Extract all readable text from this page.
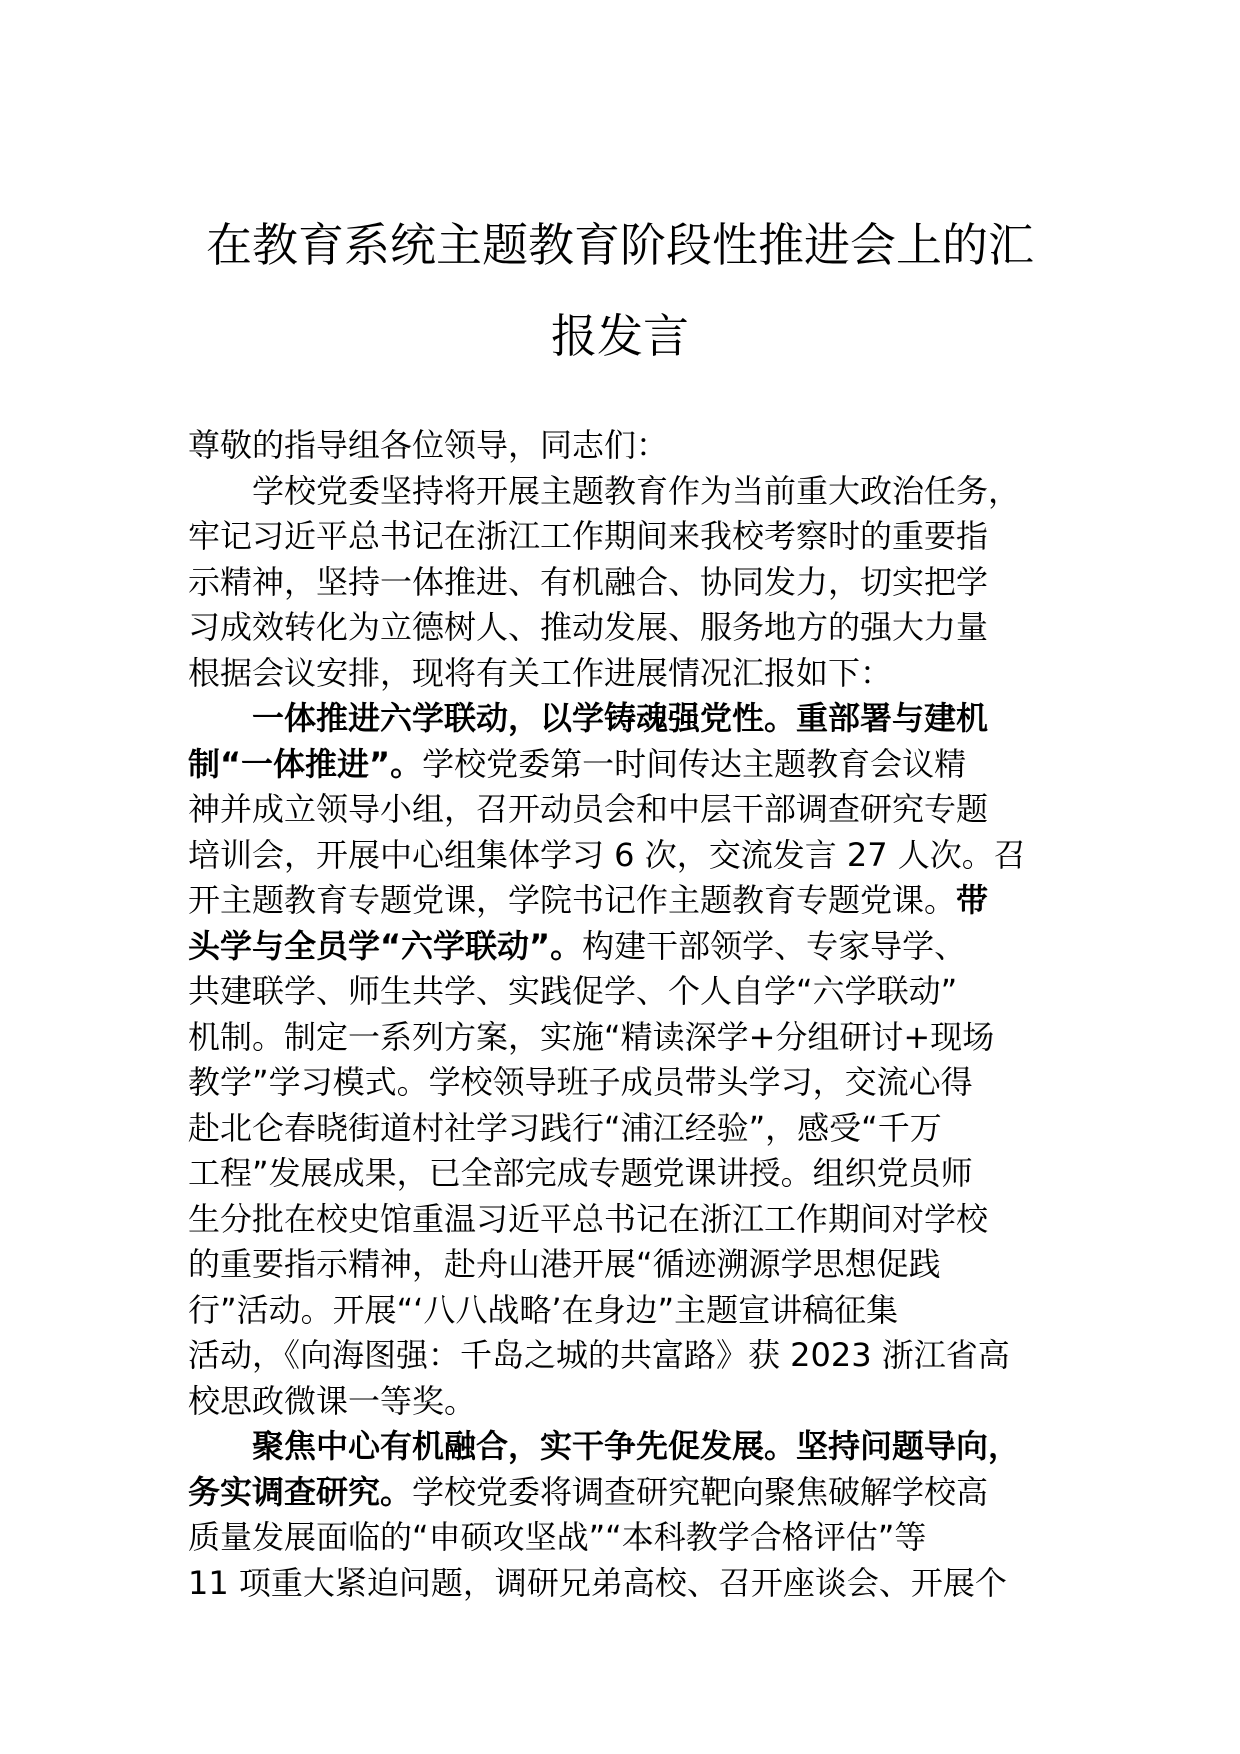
在教育系统主题教育阶段性推进会上的汇
报发言
尊敬的指导组各位领导，同志们：
学校党委坚持将开展主题教育作为当前重大政治任务，
牢记习近平总书记在浙江工作期间来我校考察时的重要指
示精神，坚持一体推进、有机融合、协同发力，切实把学
习成效转化为立德树人、推动发展、服务地方的强大力量
根据会议安排，现将有关工作进展情况汇报如下：
一体推进六学联动，以学铸魂强党性。重部署与建机
制“一体推进”。学校党委第一时间传达主题教育会议精
神并成立领导小组，召开动员会和中层干部调查研究专题
培训会，开展中心组集体学习 6 次，交流发言 27 人次。召
开主题教育专题党课，学院书记作主题教育专题党课。带
头学与全员学“六学联动”。构建干部领学、专家导学、
共建联学、师生共学、实践促学、个人自学“六学联动”
机制。制定一系列方案，实施“精读深学+分组研讨+现场
教学”学习模式。学校领导班子成员带头学习，交流心得
赴北仑春晓街道村社学习践行“浦江经验”，感受“千万
工程”发展成果，已全部完成专题党课讲授。组织党员师
生分批在校史馆重温习近平总书记在浙江工作期间对学校
的重要指示精神，赴舟山港开展“循迹溯源学思想促践
行”活动。开展“‘八八战略’在身边”主题宣讲稿征集
活动，《向海图强：千岛之城的共富路》获 2023 浙江省高
校思政微课一等奖。
聚焦中心有机融合，实干争先促发展。坚持问题导向，
务实调查研究。学校党委将调查研究靶向聚焦破解学校高
质量发展面临的“申硕攻坚战”“本科教学合格评估”等
11 项重大紧迫问题，调研兄弟高校、召开座谈会、开展个
